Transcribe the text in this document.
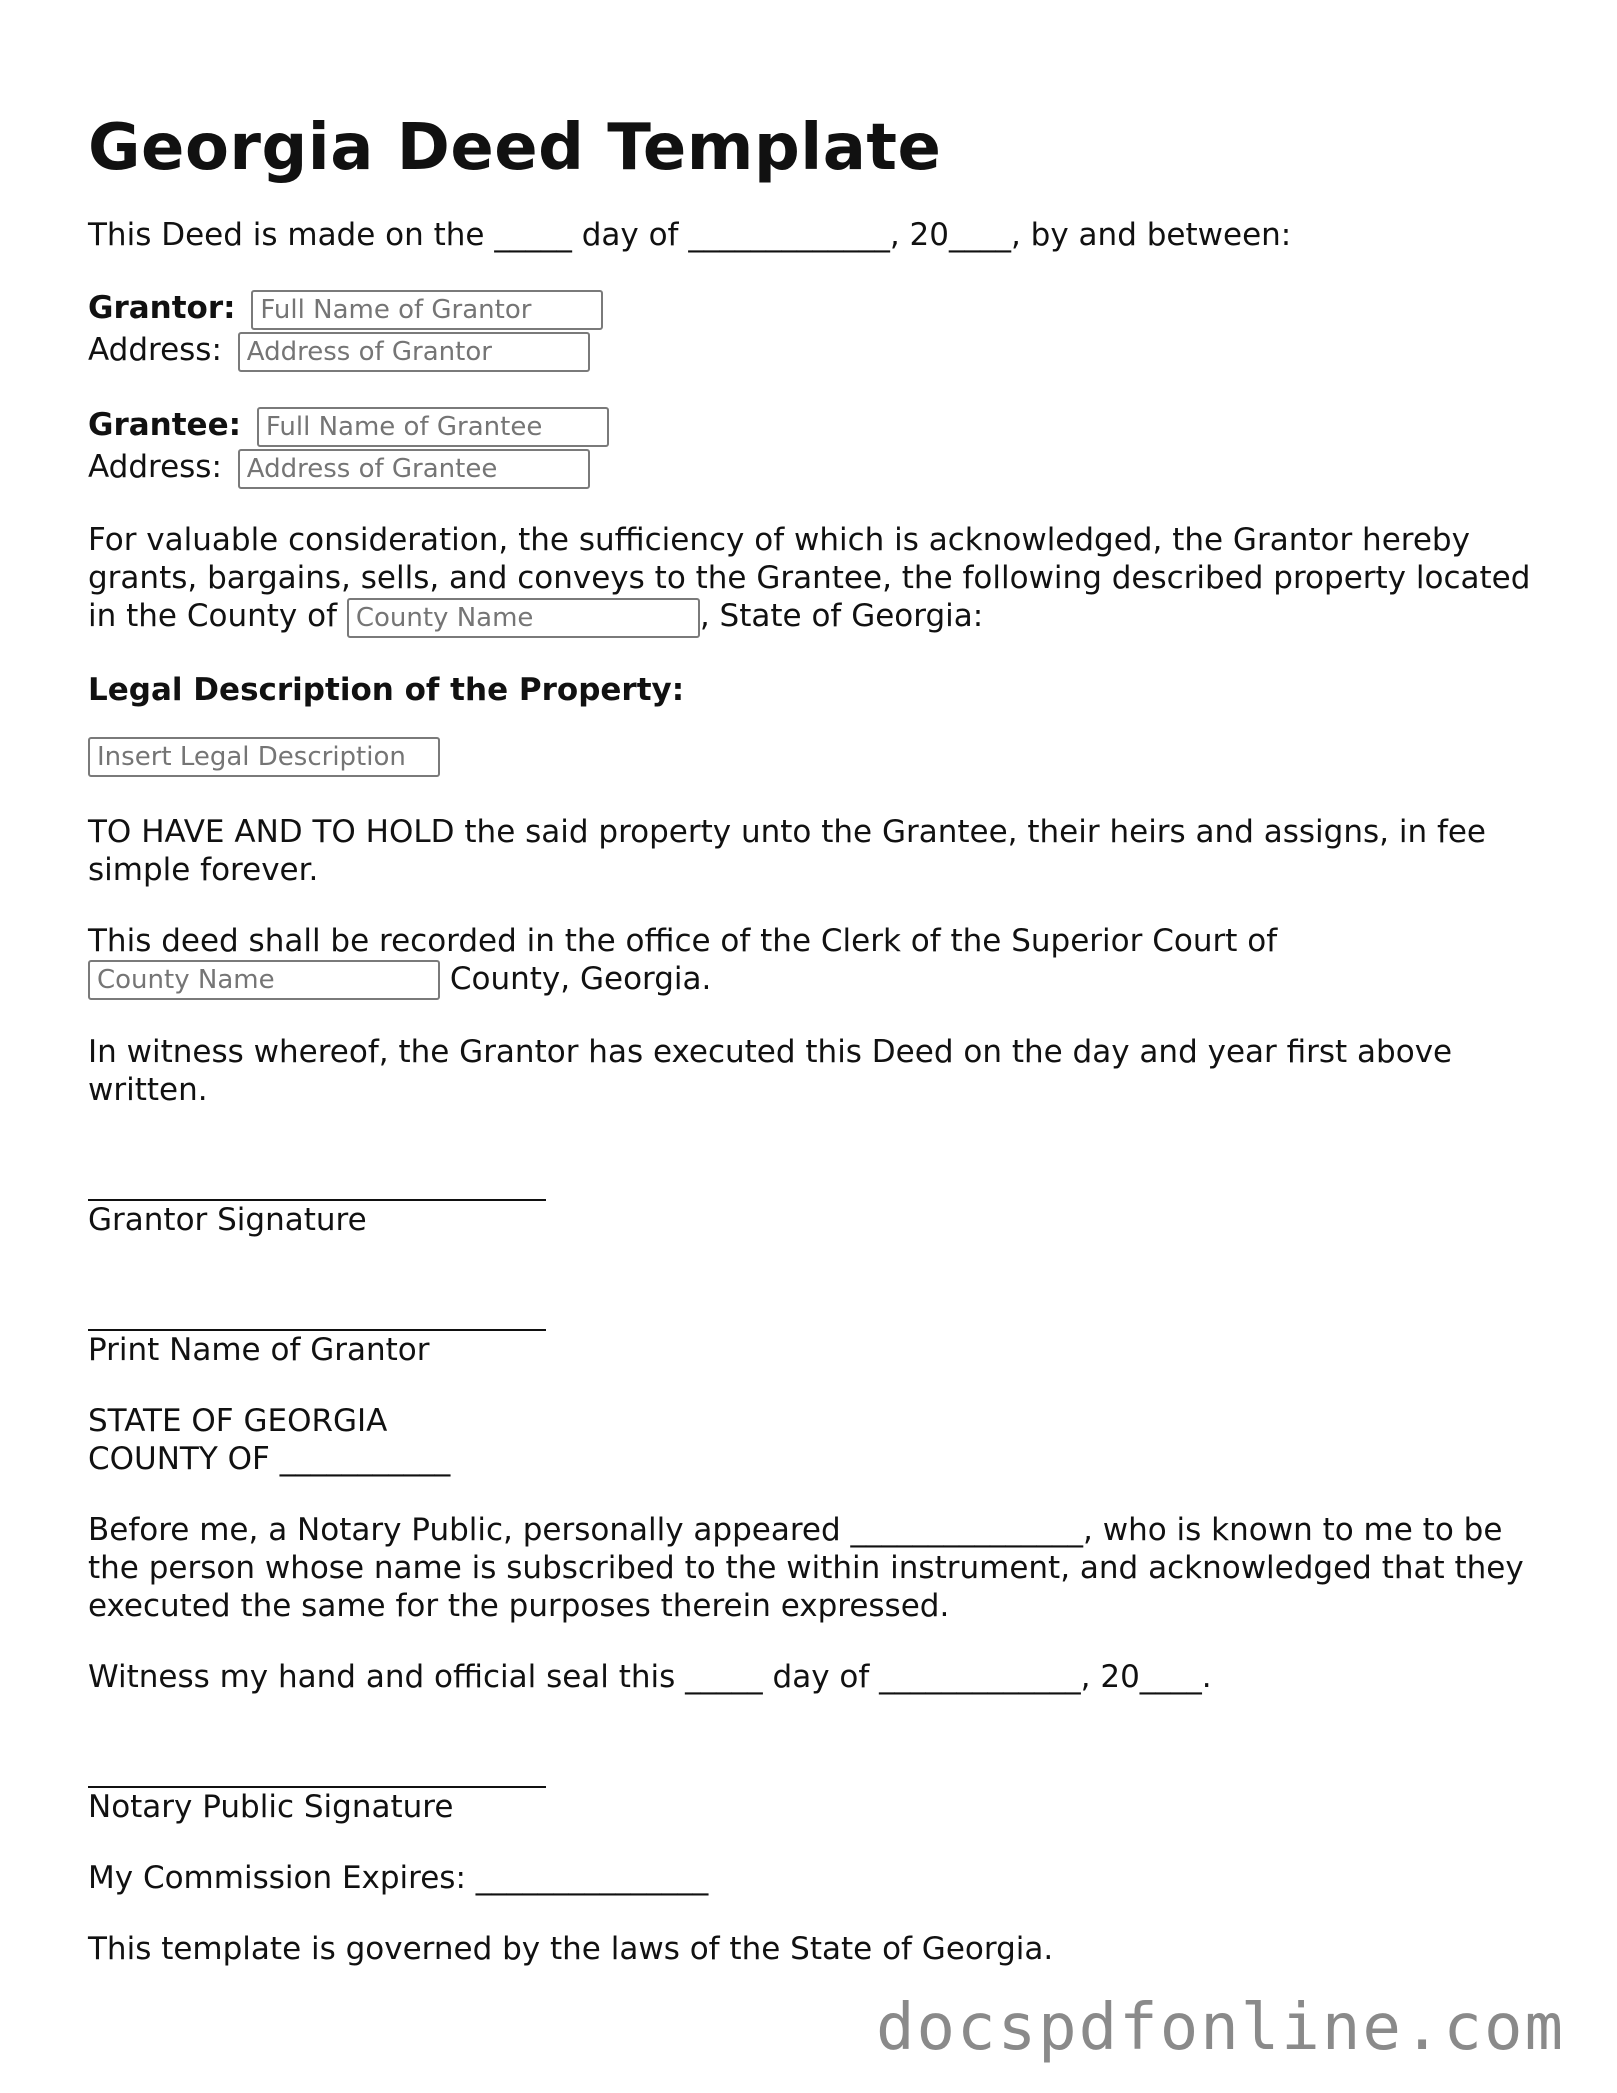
Georgia Deed Template

This Deed is made on the _____ day of _____________, 20____, by and between:

Grantor: Full Name of Grantor
Address: Address of Grantor
Grantee: Full Name of Grantee
Address: Address of Grantee

For valuable consideration, the sufficiency of which is acknowledged, the Grantor hereby grants, bargains, sells, and conveys to the Grantee, the following described property located in the County of County Name	, State of Georgia:

Legal Description of the Property:

Insert Legal Description

TO HAVE AND TO HOLD the said property unto the Grantee, their heirs and assigns, in fee simple forever.

This deed shall be recorded in the office of the Clerk of the Superior Court of
County Name County, Georgia.

In witness whereof, the Grantor has executed this Deed on the day and year first above written.

Grantor Signature

Print Name of Grantor

STATE OF GEORGIA
COUNTY OF ___________

Before me, a Notary Public, personally appeared _______________, who is known to me to be the person whose name is subscribed to the within instrument, and acknowledged that they executed the same for the purposes therein expressed.

Witness my hand and official seal this _____ day of _____________, 20____.

Notary Public Signature

My Commission Expires: _______________

This template is governed by the laws of the State of Georgia.

docspdfonline.com
